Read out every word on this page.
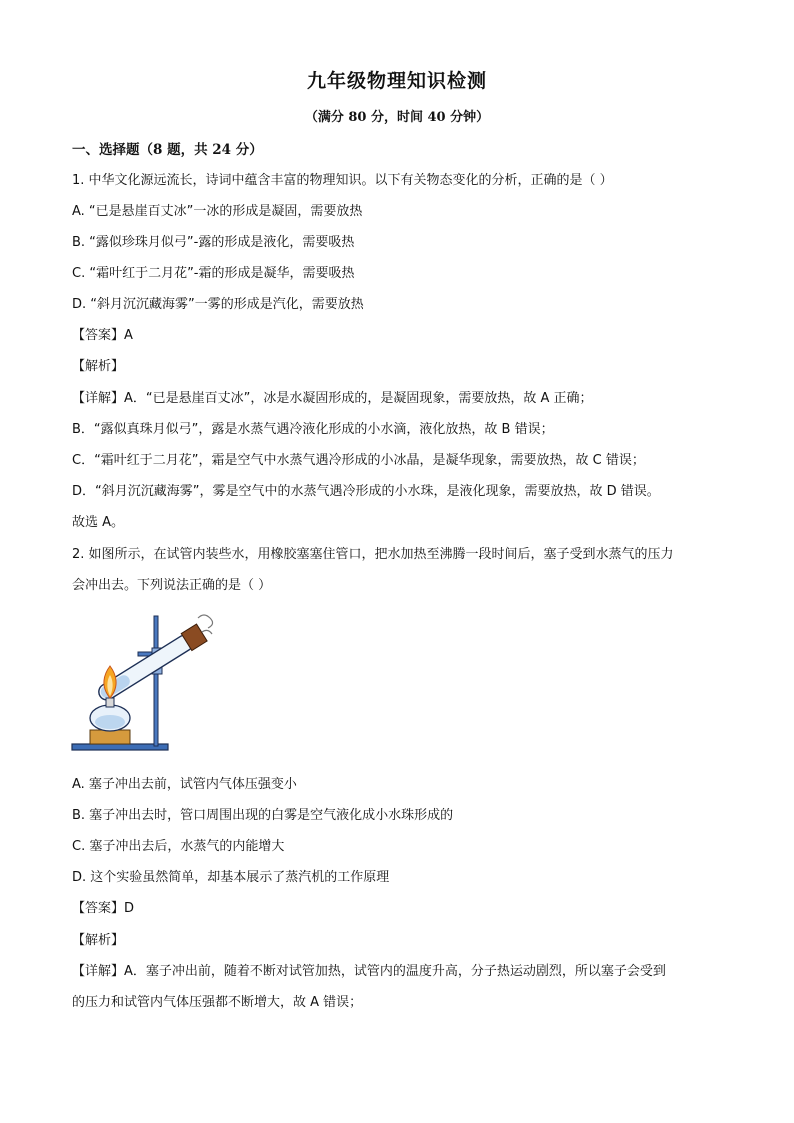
九年级物理知识检测
（满分 80 分，时间 40 分钟）
一、选择题（8 题，共 24 分）
1. 中华文化源远流长，诗词中蕴含丰富的物理知识。以下有关物态变化的分析，正确的是（ ）
A. “已是悬崖百丈冰”一冰的形成是凝固，需要放热
B. “露似珍珠月似弓”-露的形成是液化，需要吸热
C. “霜叶红于二月花”-霜的形成是凝华，需要吸热
D. “斜月沉沉藏海雾”一雾的形成是汽化，需要放热
【答案】A
【解析】
【详解】A．“已是悬崖百丈冰”，冰是水凝固形成的，是凝固现象，需要放热，故 A 正确；
B．“露似真珠月似弓”，露是水蒸气遇冷液化形成的小水滴，液化放热，故 B 错误；
C．“霜叶红于二月花”，霜是空气中水蒸气遇冷形成的小冰晶，是凝华现象，需要放热，故 C 错误；
D．“斜月沉沉藏海雾”，雾是空气中的水蒸气遇冷形成的小水珠，是液化现象，需要放热，故 D 错误。
故选 A。
2. 如图所示，在试管内装些水，用橡胶塞塞住管口，把水加热至沸腾一段时间后，塞子受到水蒸气的压力
会冲出去。下列说法正确的是（ ）
A. 塞子冲出去前，试管内气体压强变小
B. 塞子冲出去时，管口周围出现的白雾是空气液化成小水珠形成的
C. 塞子冲出去后，水蒸气的内能增大
D. 这个实验虽然简单，却基本展示了蒸汽机的工作原理
【答案】D
【解析】
【详解】A．塞子冲出前，随着不断对试管加热，试管内的温度升高，分子热运动剧烈，所以塞子会受到
的压力和试管内气体压强都不断增大，故 A 错误；
